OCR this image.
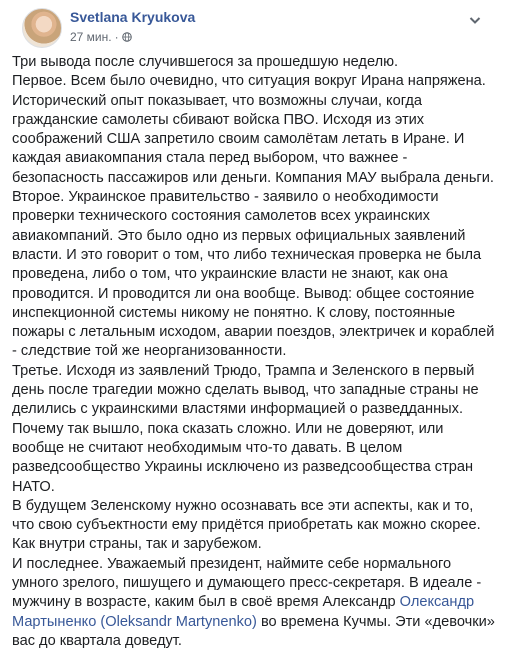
Svetlana Kryukova
27 мин. ·

Три вывода после случившегося за прошедшую неделю.

Первое. Всем было очевидно, что ситуация вокруг Ирана напряжена. Исторический опыт показывает, что возможны случаи, когда гражданские самолеты сбивают войска ПВО. Исходя из этих соображений США запретило своим самолётам летать в Иране. И каждая авиакомпания стала перед выбором, что важнее - безопасность пассажиров или деньги. Компания МАУ выбрала деньги.

Второе. Украинское правительство - заявило о необходимости проверки технического состояния самолетов всех украинских авиакомпаний. Это было одно из первых официальных заявлений власти. И это говорит о том, что либо техническая проверка не была проведена, либо о том, что украинские власти не знают, как она проводится. И проводится ли она вообще. Вывод: общее состояние инспекционной системы никому не понятно. К слову, постоянные пожары с летальным исходом, аварии поездов, электричек и кораблей - следствие той же неорганизованности.

Третье. Исходя из заявлений Трюдо, Трампа и Зеленского в первый день после трагедии можно сделать вывод, что западные страны не делились с украинскими властями информацией о разведданных. Почему так вышло, пока сказать сложно. Или не доверяют, или вообще не считают необходимым что-то давать. В целом разведсообщество Украины исключено из разведсообщества стран НАТО.

В будущем Зеленскому нужно осознавать все эти аспекты, как и то, что свою субъектности ему придётся приобретать как можно скорее. Как внутри страны, так и зарубежом.

И последнее. Уважаемый президент, наймите себе нормального умного зрелого, пишущего и думающего пресс-секретаря. В идеале - мужчину в возрасте, каким был в своё время Александр Олександр Мартыненко (Oleksandr Martynenko) во времена Кучмы. Эти «девочки» вас до квартала доведут.
